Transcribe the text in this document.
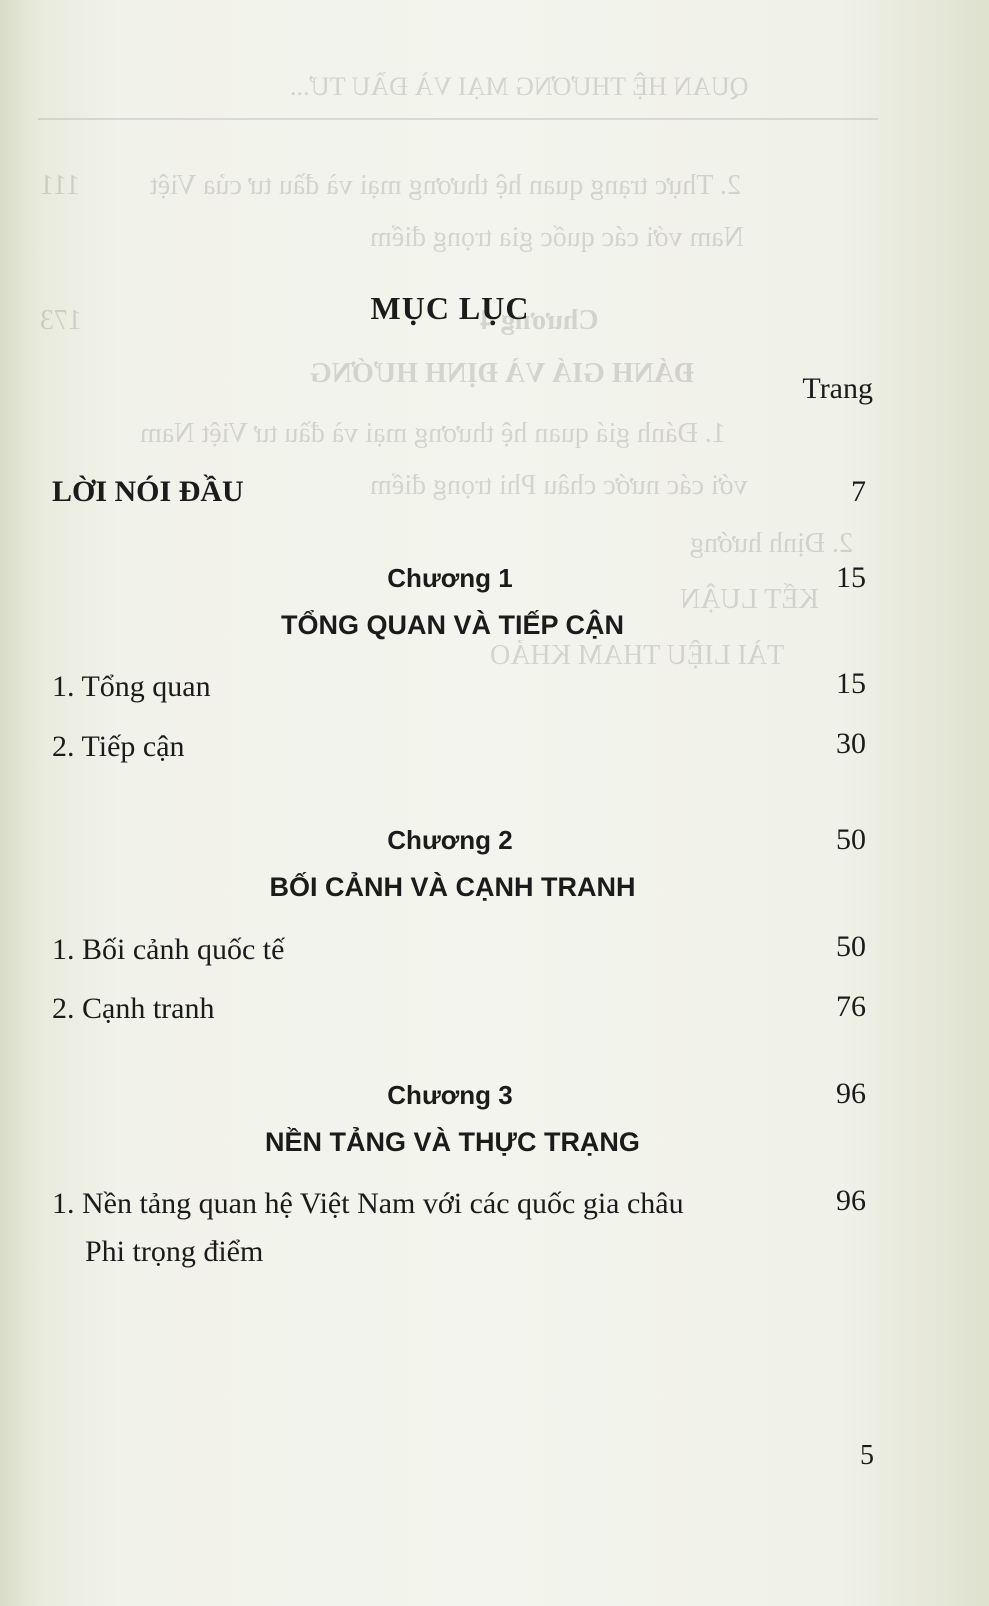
QUAN HỆ THƯƠNG MẠI VÀ ĐẦU TƯ...
2. Thực trạng quan hệ thương mại và đầu tư của Việt
111
Nam với các quốc gia trọng điểm
Chương 4
173
ĐÁNH GIÁ VÀ ĐỊNH HƯỚNG
1. Đánh giá quan hệ thương mại và đầu tư Việt Nam
với các nước châu Phi trọng điểm
2. Định hướng
KẾT LUẬN
TÀI LIỆU THAM KHẢO
MỤC LỤC
Trang
LỜI NÓI ĐẦU	7
Chương 1	15
TỔNG QUAN VÀ TIẾP CẬN
1. Tổng quan	15
2. Tiếp cận	30
Chương 2	50
BỐI CẢNH VÀ CẠNH TRANH
1. Bối cảnh quốc tế	50
2. Cạnh tranh	76
Chương 3	96
NỀN TẢNG VÀ THỰC TRẠNG
1. Nền tảng quan hệ Việt Nam với các quốc gia châu	96
Phi trọng điểm
5
